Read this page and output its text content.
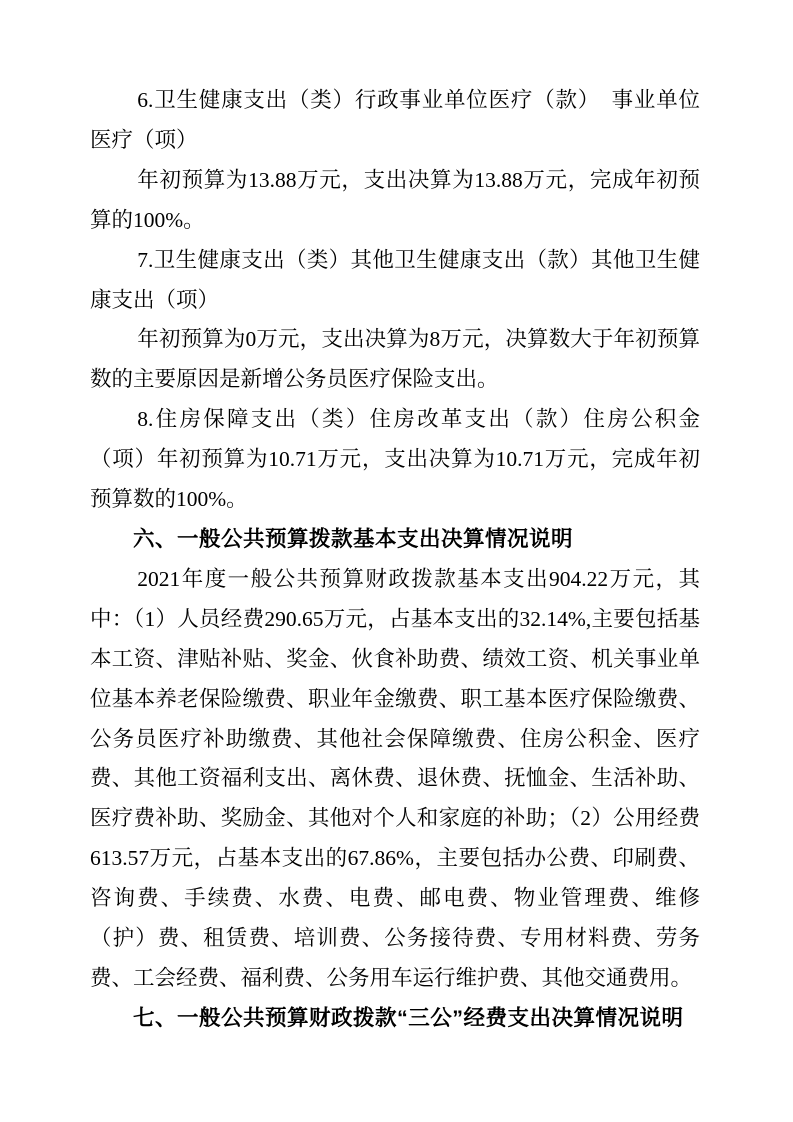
6.卫生健康支出（类）行政事业单位医疗（款）　事业单位医疗（项）

年初预算为13.88万元，支出决算为13.88万元，完成年初预算的100%。

7.卫生健康支出（类）其他卫生健康支出（款）其他卫生健康支出（项）

年初预算为0万元，支出决算为8万元，决算数大于年初预算数的主要原因是新增公务员医疗保险支出。

8.住房保障支出（类）住房改革支出（款）住房公积金（项）年初预算为10.71万元，支出决算为10.71万元，完成年初预算数的100%。

六、一般公共预算拨款基本支出决算情况说明

2021年度一般公共预算财政拨款基本支出904.22万元，其中：（1）人员经费290.65万元，占基本支出的32.14%,主要包括基本工资、津贴补贴、奖金、伙食补助费、绩效工资、机关事业单位基本养老保险缴费、职业年金缴费、职工基本医疗保险缴费、公务员医疗补助缴费、其他社会保障缴费、住房公积金、医疗费、其他工资福利支出、离休费、退休费、抚恤金、生活补助、医疗费补助、奖励金、其他对个人和家庭的补助；（2）公用经费613.57万元，占基本支出的67.86%，主要包括办公费、印刷费、咨询费、手续费、水费、电费、邮电费、物业管理费、维修（护）费、租赁费、培训费、公务接待费、专用材料费、劳务费、工会经费、福利费、公务用车运行维护费、其他交通费用。

七、一般公共预算财政拨款“三公”经费支出决算情况说明
